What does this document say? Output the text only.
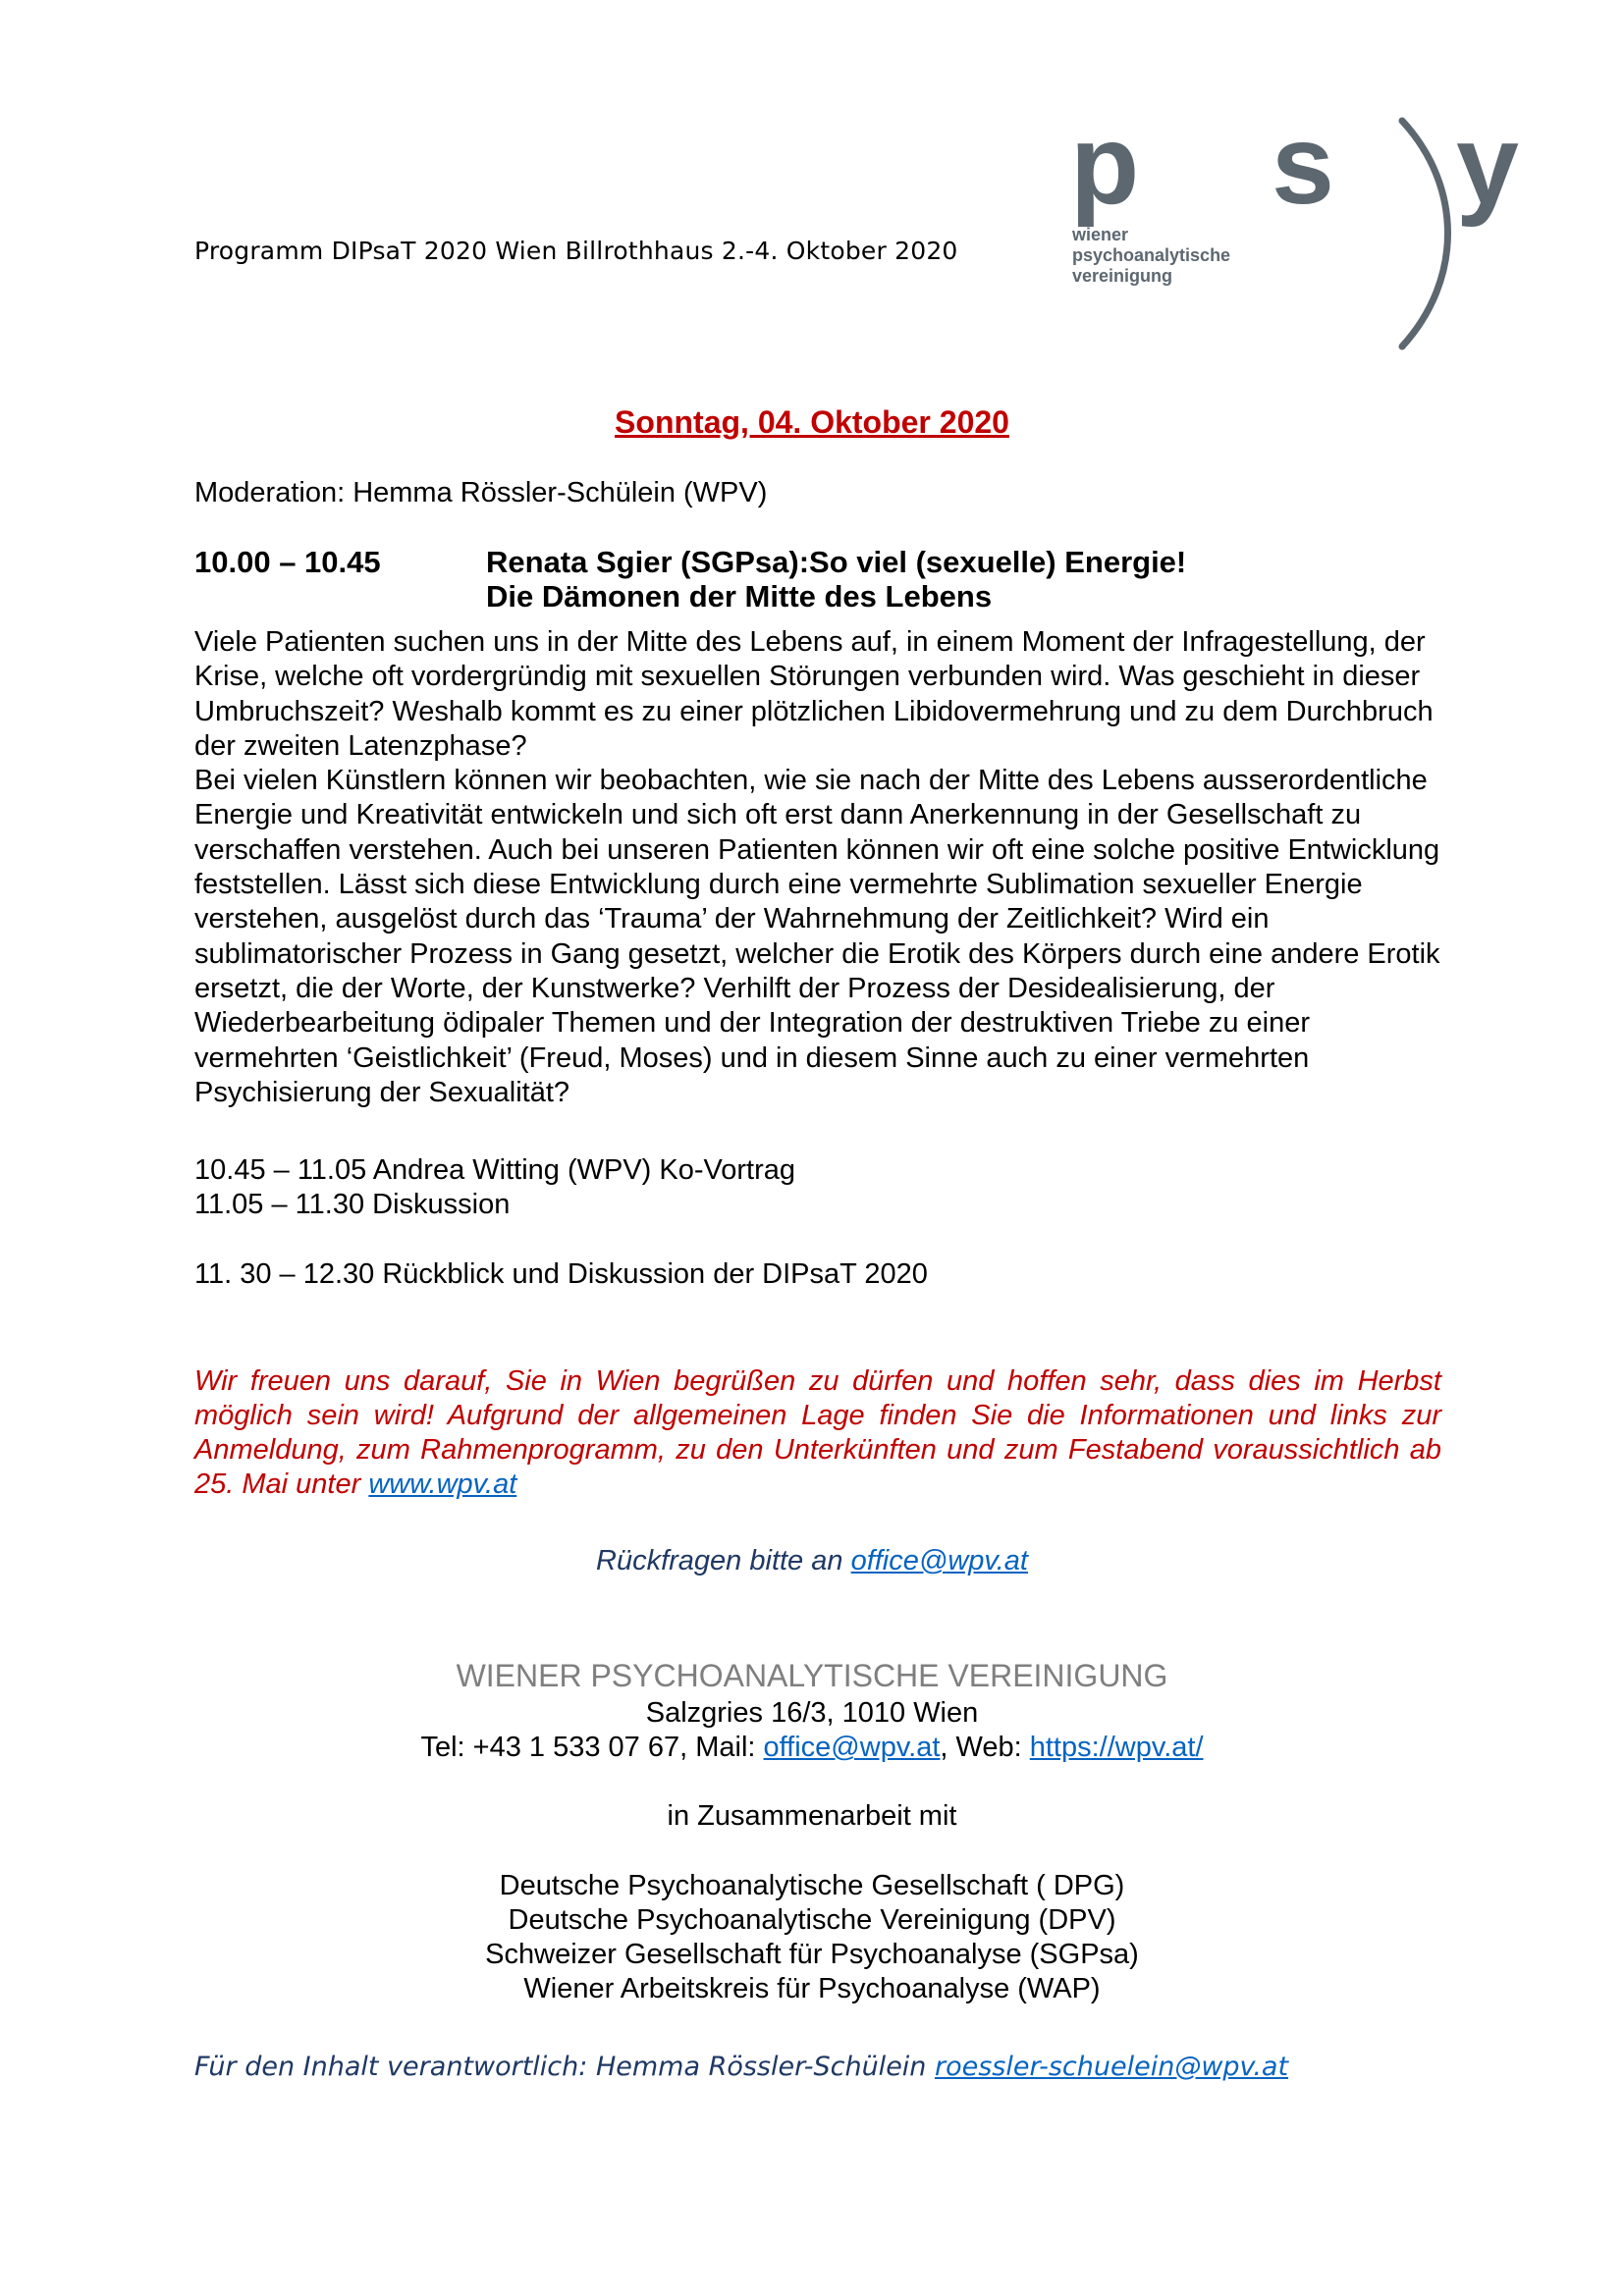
Programm DIPsaT 2020 Wien Billrothhaus 2.-4. Oktober 2020
p s y
wiener
psychoanalytische
vereinigung
Sonntag, 04. Oktober 2020
Moderation: Hemma Rössler-Schülein (WPV)
10.00 – 10.45	Renata Sgier (SGPsa):So viel (sexuelle) Energie!
Die Dämonen der Mitte des Lebens

Viele Patienten suchen uns in der Mitte des Lebens auf, in einem Moment der Infragestellung, der Krise, welche oft vordergründig mit sexuellen Störungen verbunden wird. Was geschieht in dieser Umbruchszeit? Weshalb kommt es zu einer plötzlichen Libidovermehrung und zu dem Durchbruch der zweiten Latenzphase?

Bei vielen Künstlern können wir beobachten, wie sie nach der Mitte des Lebens ausserordentliche Energie und Kreativität entwickeln und sich oft erst dann Anerkennung in der Gesellschaft zu verschaffen verstehen. Auch bei unseren Patienten können wir oft eine solche positive Entwicklung feststellen. Lässt sich diese Entwicklung durch eine vermehrte Sublimation sexueller Energie verstehen, ausgelöst durch das ‘Trauma’ der Wahrnehmung der Zeitlichkeit? Wird ein sublimatorischer Prozess in Gang gesetzt, welcher die Erotik des Körpers durch eine andere Erotik ersetzt, die der Worte, der Kunstwerke? Verhilft der Prozess der Desidealisierung, der Wiederbearbeitung ödipaler Themen und der Integration der destruktiven Triebe zu einer vermehrten ‘Geistlichkeit’ (Freud, Moses) und in diesem Sinne auch zu einer vermehrten Psychisierung der Sexualität?

10.45 – 11.05 Andrea Witting (WPV) Ko-Vortrag
11.05 – 11.30 Diskussion
11. 30 – 12.30 Rückblick und Diskussion der DIPsaT 2020
Wir freuen uns darauf, Sie in Wien begrüßen zu dürfen und hoffen sehr, dass dies im Herbst möglich sein wird! Aufgrund der allgemeinen Lage finden Sie die Informationen und links zur Anmeldung, zum Rahmenprogramm, zu den Unterkünften und zum Festabend voraussichtlich ab 25. Mai unter www.wpv.at
Rückfragen bitte an office@wpv.at
WIENER PSYCHOANALYTISCHE VEREINIGUNG
Salzgries 16/3, 1010 Wien
Tel: +43 1 533 07 67, Mail: office@wpv.at, Web: https://wpv.at/
in Zusammenarbeit mit
Deutsche Psychoanalytische Gesellschaft ( DPG)
Deutsche Psychoanalytische Vereinigung (DPV)
Schweizer Gesellschaft für Psychoanalyse (SGPsa)
Wiener Arbeitskreis für Psychoanalyse (WAP)
Für den Inhalt verantwortlich: Hemma Rössler-Schülein roessler-schuelein@wpv.at
